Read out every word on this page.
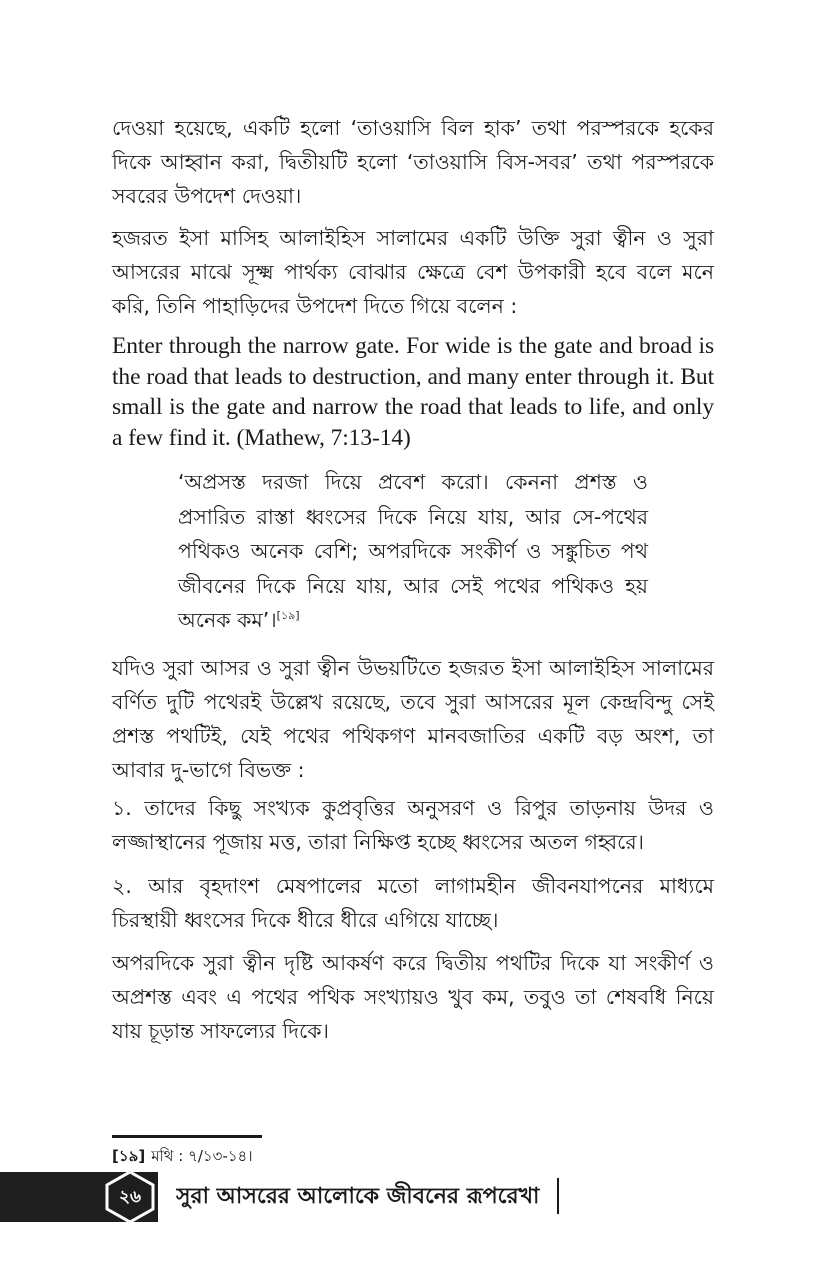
দেওয়া হয়েছে, একটি হলো ‘তাওয়াসি বিল হাক’ তথা পরস্পরকে হকের দিকে আহ্বান করা, দ্বিতীয়টি হলো ‘তাওয়াসি বিস-সবর’ তথা পরস্পরকে সবরের উপদেশ দেওয়া।

হজরত ইসা মাসিহ আলাইহিস সালামের একটি উক্তি সুরা ত্বীন ও সুরা আসরের মাঝে সূক্ষ্ম পার্থক্য বোঝার ক্ষেত্রে বেশ উপকারী হবে বলে মনে করি, তিনি পাহাড়িদের উপদেশ দিতে গিয়ে বলেন :

Enter through the narrow gate. For wide is the gate and broad is the road that leads to destruction, and many enter through it. But small is the gate and narrow the road that leads to life, and only a few find it. (Mathew, 7:13-14)

‘অপ্রসস্ত দরজা দিয়ে প্রবেশ করো। কেননা প্রশস্ত ও প্রসারিত রাস্তা ধ্বংসের দিকে নিয়ে যায়, আর সে-পথের পথিকও অনেক বেশি; অপরদিকে সংকীর্ণ ও সঙ্কুচিত পথ জীবনের দিকে নিয়ে যায়, আর সেই পথের পথিকও হয় অনেক কম’।[১৯]

যদিও সুরা আসর ও সুরা ত্বীন উভয়টিতে হজরত ইসা আলাইহিস সালামের বর্ণিত দুটি পথেরই উল্লেখ রয়েছে, তবে সুরা আসরের মূল কেন্দ্রবিন্দু সেই প্রশস্ত পথটিই, যেই পথের পথিকগণ মানবজাতির একটি বড় অংশ, তা আবার দু-ভাগে বিভক্ত :

১. তাদের কিছু সংখ্যক কুপ্রবৃত্তির অনুসরণ ও রিপুর তাড়নায় উদর ও লজ্জাস্থানের পূজায় মত্ত, তারা নিক্ষিপ্ত হচ্ছে ধ্বংসের অতল গহ্বরে।

২. আর বৃহদাংশ মেষপালের মতো লাগামহীন জীবনযাপনের মাধ্যমে চিরস্থায়ী ধ্বংসের দিকে ধীরে ধীরে এগিয়ে যাচ্ছে।

অপরদিকে সুরা ত্বীন দৃষ্টি আকর্ষণ করে দ্বিতীয় পথটির দিকে যা সংকীর্ণ ও অপ্রশস্ত এবং এ পথের পথিক সংখ্যায়ও খুব কম, তবুও তা শেষবধি নিয়ে যায় চূড়ান্ত সাফল্যের দিকে।

[১৯] মথি : ৭/১৩-১৪।

২৬	সুরা আসরের আলোকে জীবনের রূপরেখা
